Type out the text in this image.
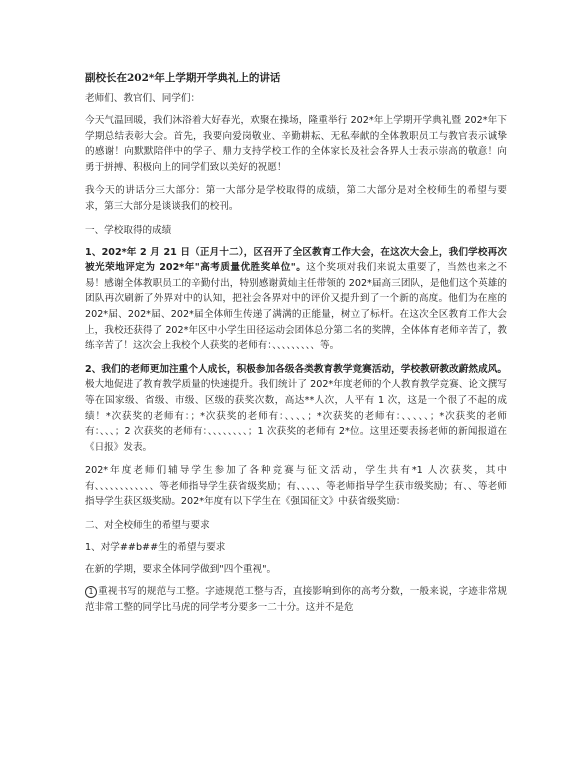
副校长在202*年上学期开学典礼上的讲话

老师们、教官们、同学们：

今天气温回暖，我们沐浴着大好春光，欢聚在操场，隆重举行 202*年上学期开学典礼暨 202*年下学期总结表彰大会。首先，我要向爱岗敬业、辛勤耕耘、无私奉献的全体教职员工与教官表示诚挚的感谢！向默默陪伴中的学子、鼎力支持学校工作的全体家长及社会各界人士表示崇高的敬意！向勇于拼搏、积极向上的同学们致以美好的祝愿！

我今天的讲话分三大部分：第一大部分是学校取得的成绩，第二大部分是对全校师生的希望与要求，第三大部分是谈谈我们的校刊。

一、学校取得的成绩

1、202*年 2 月 21 日（正月十二），区召开了全区教育工作大会，在这次大会上，我们学校再次被光荣地评定为 202*年"高考质量优胜奖单位"。这个奖项对我们来说太重要了，当然也来之不易！感谢全体教职员工的辛勤付出，特别感谢黄灿主任带领的 202*届高三团队，是他们这个英雄的团队再次刷新了外界对中的认知，把社会各界对中的评价又提升到了一个新的高度。他们为在座的 202*届、202*届、202*届全体师生传递了满满的正能量，树立了标杆。在这次全区教育工作大会上，我校还获得了 202*年区中小学生田径运动会团体总分第二名的奖牌，全体体育老师辛苦了，教练辛苦了！这次会上我校个人获奖的老师有：、、、、、、、、、等。

2、我们的老师更加注重个人成长，积极参加各级各类教育教学竞赛活动，学校教研教改蔚然成风。极大地促进了教育教学质量的快速提升。我们统计了 202*年度老师的个人教育教学竞赛、论文撰写等在国家级、省级、市级、区级的获奖次数，高达**人次，人平有 1 次，这是一个很了不起的成绩！*次获奖的老师有：；*次获奖的老师有：、、、、；*次获奖的老师有：、、、、、；*次获奖的老师有：、、、；2 次获奖的老师有：、、、、、、、、；1 次获奖的老师有 2*位。这里还要表扬老师的新闻报道在《日报》发表。

202*年度老师们辅导学生参加了各种竞赛与征文活动，学生共有*1 人次获奖，其中有、、、、、、、、、、、、等老师指导学生获省级奖励；有、、、、、等老师指导学生获市级奖励；有、、等老师指导学生获区级奖励。202*年度有以下学生在《强国征文》中获省级奖励：

二、对全校师生的希望与要求

1、对学##b##生的希望与要求

在新的学期，要求全体同学做到"四个重视"。

1 重视书写的规范与工整。字迹规范工整与否，直接影响到你的高考分数，一般来说，字迹非常规范非常工整的同学比马虎的同学考分要多一二十分。这并不是危
